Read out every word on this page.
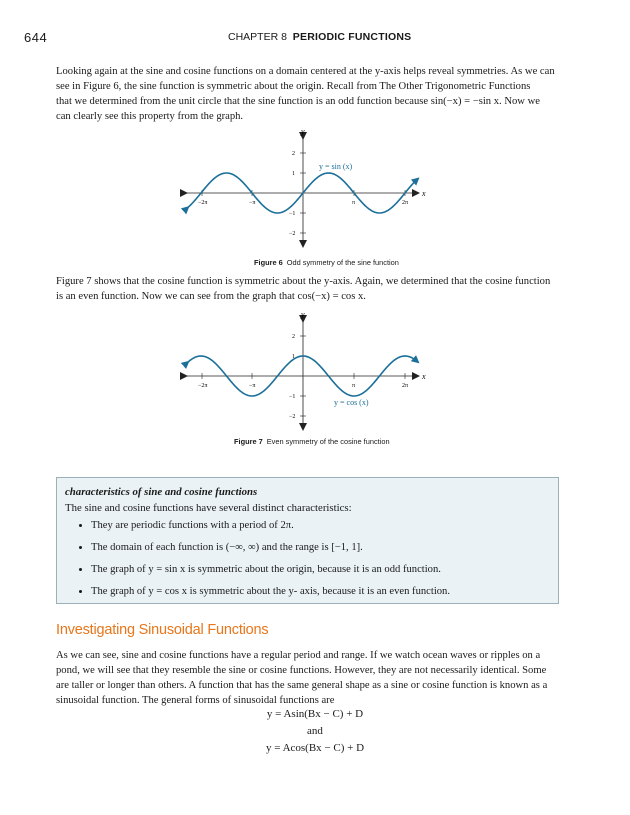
644	CHAPTER 8 PERIODIC FUNCTIONS

Looking again at the sine and cosine functions on a domain centered at the y-axis helps reveal symmetries. As we can
see in Figure 6, the sine function is symmetric about the origin. Recall from The Other Trigonometric Functions
that we determined from the unit circle that the sine function is an odd function because sin(−x) = −sin x. Now we
can clearly see this property from the graph.

x
y
−2π	−π	π	2π
2
1
−1
−2
y = sin (x)
Figure 6 Odd symmetry of the sine function

Figure 7 shows that the cosine function is symmetric about the y-axis. Again, we determined that the cosine function
is an even function. Now we can see from the graph that cos(−x) = cos x.

x
y
−2π	−π	π	2π
2
1
−1
−2
y = cos (x)
Figure 7 Even symmetry of the cosine function
characteristics of sine and cosine functions
The sine and cosine functions have several distinct characteristics:
• They are periodic functions with a period of 2π.
• The domain of each function is (−∞, ∞) and the range is [−1, 1].
• The graph of y = sin x is symmetric about the origin, because it is an odd function.
• The graph of y = cos x is symmetric about the y- axis, because it is an even function.
Investigating Sinusoidal Functions

As we can see, sine and cosine functions have a regular period and range. If we watch ocean waves or ripples on a
pond, we will see that they resemble the sine or cosine functions. However, they are not necessarily identical. Some
are taller or longer than others. A function that has the same general shape as a sine or cosine function is known as a
sinusoidal function. The general forms of sinusoidal functions are

y = Asin(Bx − C) + D
and
y = Acos(Bx − C) + D
